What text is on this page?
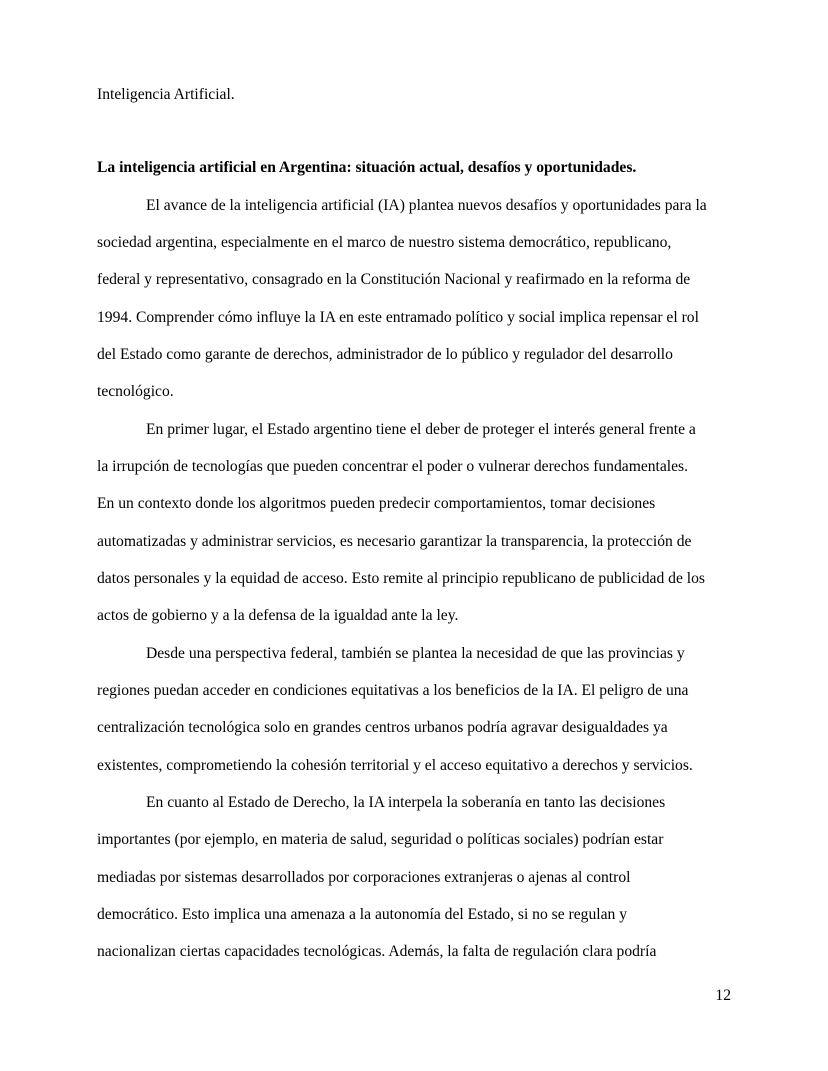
Inteligencia Artificial.
La inteligencia artificial en Argentina: situación actual, desafíos y oportunidades.
El avance de la inteligencia artificial (IA) plantea nuevos desafíos y oportunidades para la
sociedad argentina, especialmente en el marco de nuestro sistema democrático, republicano,
federal y representativo, consagrado en la Constitución Nacional y reafirmado en la reforma de
1994. Comprender cómo influye la IA en este entramado político y social implica repensar el rol
del Estado como garante de derechos, administrador de lo público y regulador del desarrollo
tecnológico.
En primer lugar, el Estado argentino tiene el deber de proteger el interés general frente a
la irrupción de tecnologías que pueden concentrar el poder o vulnerar derechos fundamentales.
En un contexto donde los algoritmos pueden predecir comportamientos, tomar decisiones
automatizadas y administrar servicios, es necesario garantizar la transparencia, la protección de
datos personales y la equidad de acceso. Esto remite al principio republicano de publicidad de los
actos de gobierno y a la defensa de la igualdad ante la ley.
Desde una perspectiva federal, también se plantea la necesidad de que las provincias y
regiones puedan acceder en condiciones equitativas a los beneficios de la IA. El peligro de una
centralización tecnológica solo en grandes centros urbanos podría agravar desigualdades ya
existentes, comprometiendo la cohesión territorial y el acceso equitativo a derechos y servicios.
En cuanto al Estado de Derecho, la IA interpela la soberanía en tanto las decisiones
importantes (por ejemplo, en materia de salud, seguridad o políticas sociales) podrían estar
mediadas por sistemas desarrollados por corporaciones extranjeras o ajenas al control
democrático. Esto implica una amenaza a la autonomía del Estado, si no se regulan y
nacionalizan ciertas capacidades tecnológicas. Además, la falta de regulación clara podría
12
